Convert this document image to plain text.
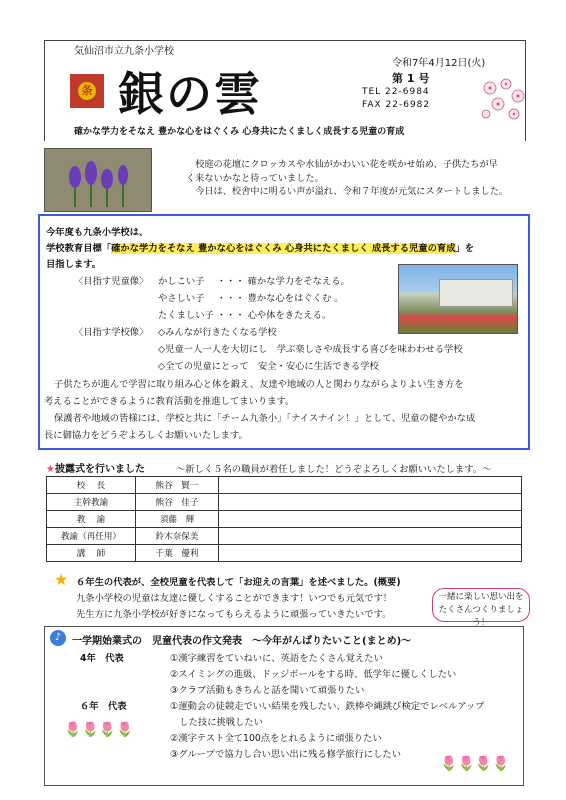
気仙沼市立九条小学校
条 銀の雲
令和7年4月12日(火)
第 1 号
TEL 22-6984
FAX 22-6982
確かな学力をそなえ 豊かな心をはぐくみ 心身共にたくましく成長する児童の育成
校庭の花壇にクロッカスや水仙がかわいい花を咲かせ始め、子供たちが早
く来ないかなと待っていました。
今日は、校舎中に明るい声が溢れ、令和７年度が元気にスタートしました。
今年度も九条小学校は、
学校教育目標「確かな学力をそなえ 豊かな心をはぐくみ 心身共にたくましく 成長する児童の育成」を
目指します。
〈目指す児童像〉 かしこい子　 ・・・ 確かな学力をそなえる。
やさしい子　 ・・・ 豊かな心をはぐくむ 。
たくましい子 ・・・ 心や体をきたえる。
〈目指す学校像〉 ◇みんなが行きたくなる学校
◇児童一人一人を大切にし　学ぶ楽しさや成長する喜びを味わわせる学校
◇全ての児童にとって　安全・安心に生活できる学校
子供たちが進んで学習に取り組み心と体を鍛え、友達や地域の人と関わりながらよりよい生き方を
考えることができるように教育活動を推進してまいります。
保護者や地域の皆様には、学校と共に「チーム九条小」「ナイスナイン！」として、児童の健やかな成
長に御協力をどうぞよろしくお願いいたします。
★披露式を行いました	～新しく５名の職員が着任しました！どうぞよろしくお願いいたします。～
校　 長	熊谷　賢一	
主幹教諭	熊谷　佳子	
教　 諭	須藤　輝	
教諭（再任用）	鈴木奈保美	
講　 師	千葉　優利	
★ ６年生の代表が、全校児童を代表して「お迎えの言葉」を述べました。(概要)
九条小学校の児童は友達に優しくすることができます！いつでも元気です！
先生方に九条小学校が好きになってもらえるように頑張っていきたいです。
一緒に楽しい思い出を
たくさんつくりましょう！
♪	一学期始業式の　児童代表の作文発表　～今年がんばりたいこと(まとめ)～
4年　代表	①漢字練習をていねいに、英語をたくさん覚えたい
②スイミングの進級、ドッジボールをする時、低学年に優しくしたい
③クラブ活動もきちんと話を聞いて頑張りたい
６年　代表	①運動会の徒競走でいい結果を残したい、鉄棒や縄跳び検定でレベルアップ
　した技に挑戦したい
②漢字テスト全て100点をとれるように頑張りたい
③グループで協力し合い思い出に残る修学旅行にしたい
🌷🌷🌷🌷
🌷🌷🌷🌷
